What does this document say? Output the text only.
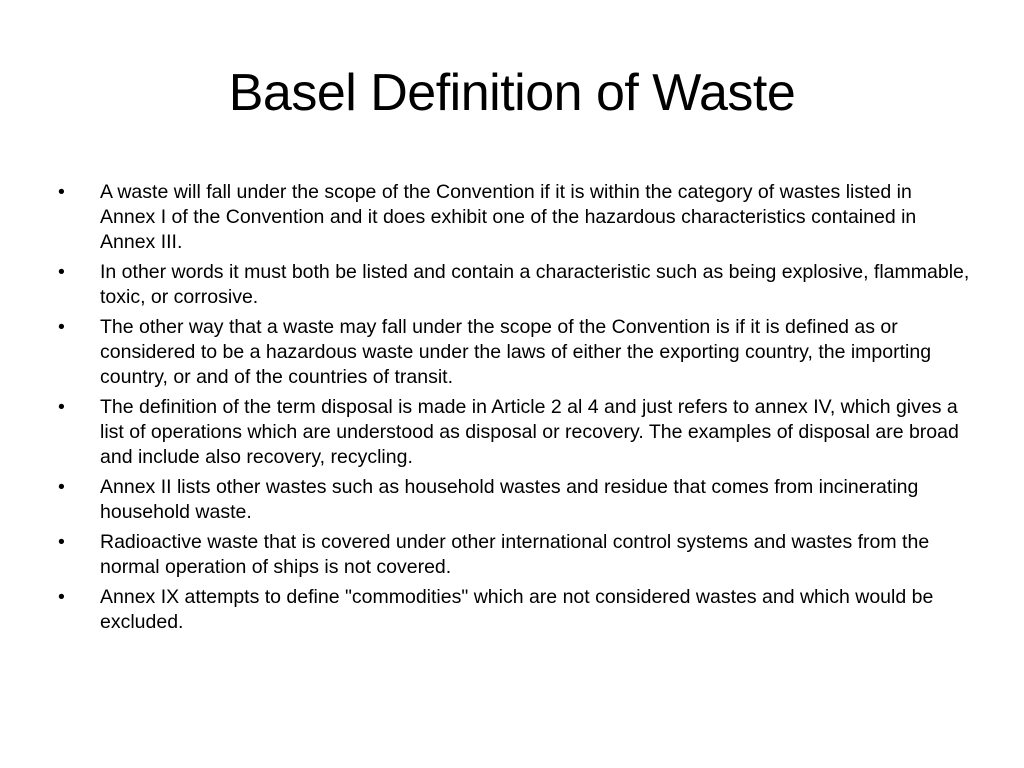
Basel Definition of Waste
•	A waste will fall under the scope of the Convention if it is within the category of wastes listed in Annex I of the Convention and it does exhibit one of the hazardous characteristics contained in Annex III.
•	In other words it must both be listed and contain a characteristic such as being explosive, flammable, toxic, or corrosive.
•	The other way that a waste may fall under the scope of the Convention is if it is defined as or considered to be a hazardous waste under the laws of either the exporting country, the importing country, or and of the countries of transit.
•	The definition of the term disposal is made in Article 2 al 4 and just refers to annex IV, which gives a list of operations which are understood as disposal or recovery. The examples of disposal are broad and include also recovery, recycling.
•	Annex II lists other wastes such as household wastes and residue that comes from incinerating household waste.
•	Radioactive waste that is covered under other international control systems and wastes from the normal operation of ships is not covered.
•	Annex IX attempts to define "commodities" which are not considered wastes and which would be excluded.
